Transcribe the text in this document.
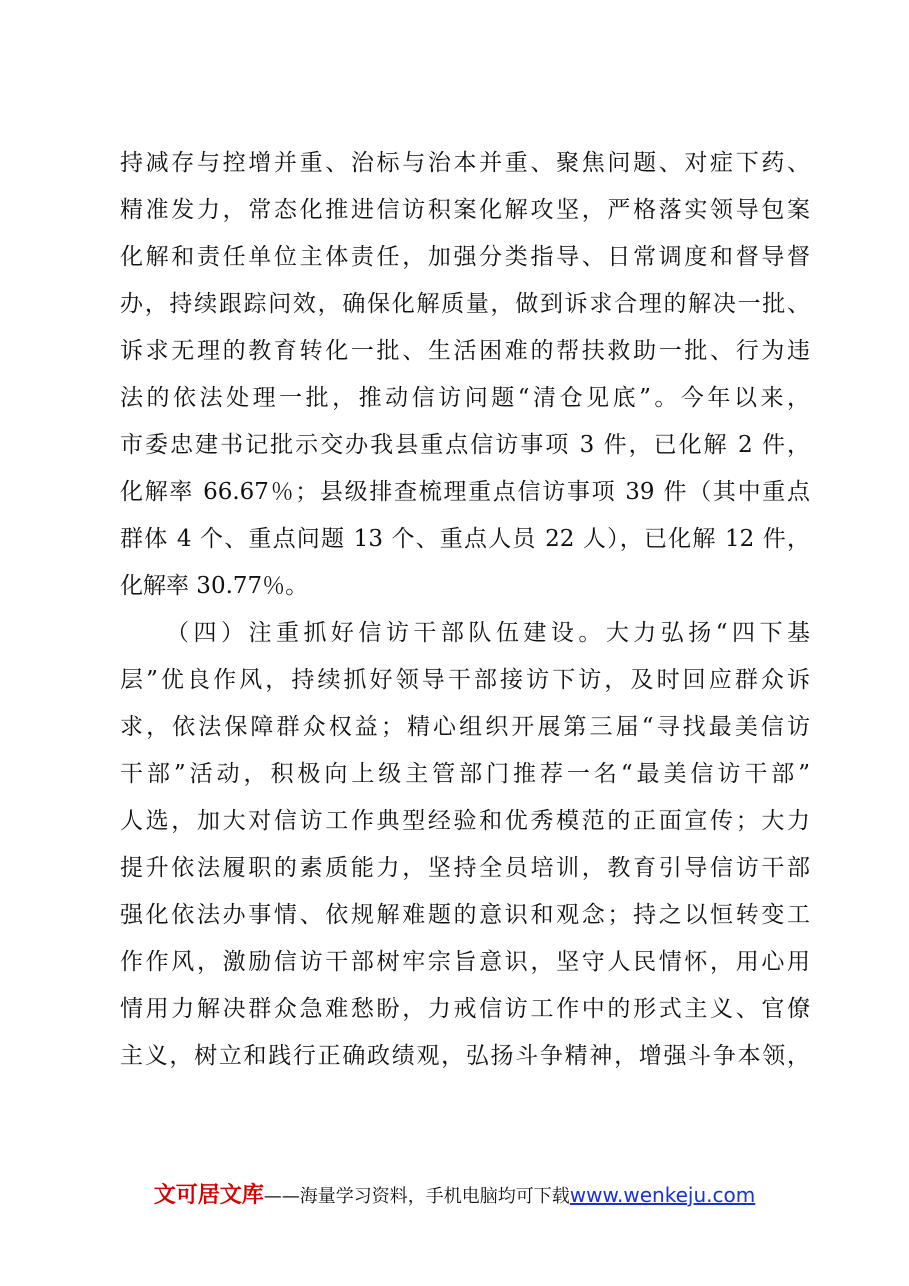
持减存与控增并重、治标与治本并重、聚焦问题、对症下药、
精准发力，常态化推进信访积案化解攻坚，严格落实领导包案
化解和责任单位主体责任，加强分类指导、日常调度和督导督
办，持续跟踪问效，确保化解质量，做到诉求合理的解决一批、
诉求无理的教育转化一批、生活困难的帮扶救助一批、行为违
法的依法处理一批，推动信访问题“清仓见底”。今年以来，
市委忠建书记批示交办我县重点信访事项 3 件，已化解 2 件，
化解率 66.67％；县级排查梳理重点信访事项 39 件（其中重点
群体 4 个、重点问题 13 个、重点人员 22 人），已化解 12 件，
化解率 30.77％。
（四）注重抓好信访干部队伍建设。大力弘扬“四下基
层”优良作风，持续抓好领导干部接访下访，及时回应群众诉
求，依法保障群众权益；精心组织开展第三届“寻找最美信访
干部”活动，积极向上级主管部门推荐一名“最美信访干部”
人选，加大对信访工作典型经验和优秀模范的正面宣传；大力
提升依法履职的素质能力，坚持全员培训，教育引导信访干部
强化依法办事情、依规解难题的意识和观念；持之以恒转变工
作作风，激励信访干部树牢宗旨意识，坚守人民情怀，用心用
情用力解决群众急难愁盼，力戒信访工作中的形式主义、官僚
主义，树立和践行正确政绩观，弘扬斗争精神，增强斗争本领，
文可居文库——海量学习资料，手机电脑均可下载www.wenkeju.com
